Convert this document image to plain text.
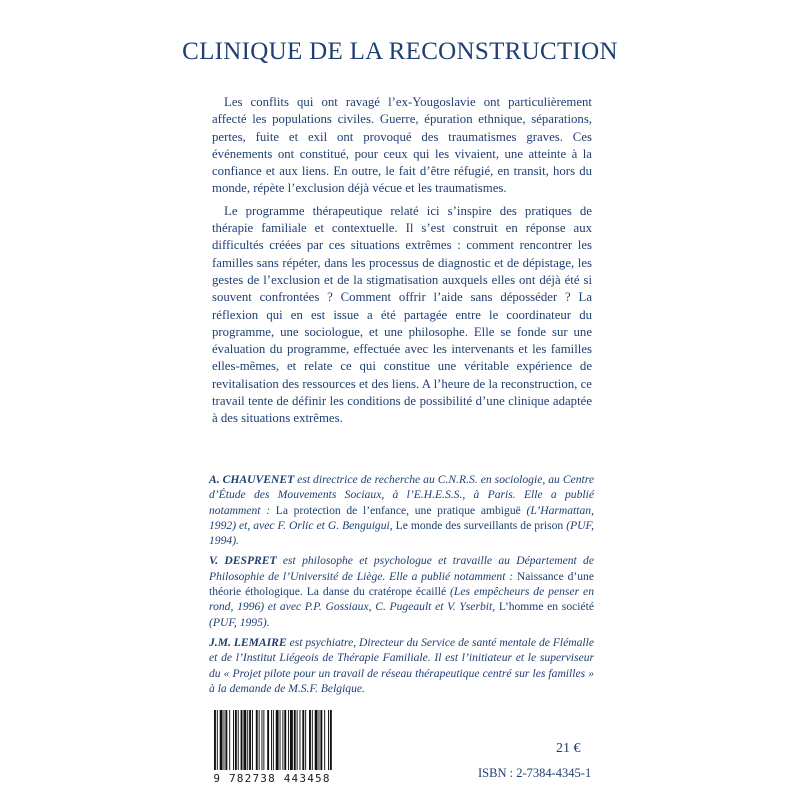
CLINIQUE DE LA RECONSTRUCTION

Les conflits qui ont ravagé l’ex-Yougoslavie ont particulièrement affecté les populations civiles. Guerre, épuration ethnique, séparations, pertes, fuite et exil ont provoqué des traumatismes graves. Ces événements ont constitué, pour ceux qui les vivaient, une atteinte à la confiance et aux liens. En outre, le fait d’être réfugié, en transit, hors du monde, répète l’exclusion déjà vécue et les traumatismes.

Le programme thérapeutique relaté ici s’inspire des pratiques de thérapie familiale et contextuelle. Il s’est construit en réponse aux difficultés créées par ces situations extrêmes : comment rencontrer les familles sans répéter, dans les processus de diagnostic et de dépistage, les gestes de l’exclusion et de la stigmatisation auxquels elles ont déjà été si souvent confrontées ? Comment offrir l’aide sans déposséder ? La réflexion qui en est issue a été partagée entre le coordinateur du programme, une sociologue, et une philosophe. Elle se fonde sur une évaluation du programme, effectuée avec les intervenants et les familles elles-mêmes, et relate ce qui constitue une véritable expérience de revitalisation des ressources et des liens. A l’heure de la reconstruction, ce travail tente de définir les conditions de possibilité d’une clinique adaptée à des situations extrêmes.

A. CHAUVENET est directrice de recherche au C.N.R.S. en sociologie, au Centre d’Étude des Mouvements Sociaux, à l’E.H.E.S.S., à Paris. Elle a publié notamment : La protection de l’enfance, une pratique ambiguë (L’Harmattan, 1992) et, avec F. Orlic et G. Benguigui, Le monde des surveillants de prison (PUF, 1994).

V. DESPRET est philosophe et psychologue et travaille au Département de Philosophie de l’Université de Liège. Elle a publié notamment : Naissance d’une théorie éthologique. La danse du cratérope écaillé (Les empêcheurs de penser en rond, 1996) et avec P.P. Gossiaux, C. Pugeault et V. Yserbit, L’homme en société (PUF, 1995).

J.M. LEMAIRE est psychiatre, Directeur du Service de santé mentale de Flémalle et de l’Institut Liégeois de Thérapie Familiale. Il est l’initiateur et le superviseur du « Projet pilote pour un travail de réseau thérapeutique centré sur les familles » à la demande de M.S.F. Belgique.

9 782738 443458
21 €
ISBN : 2-7384-4345-1
